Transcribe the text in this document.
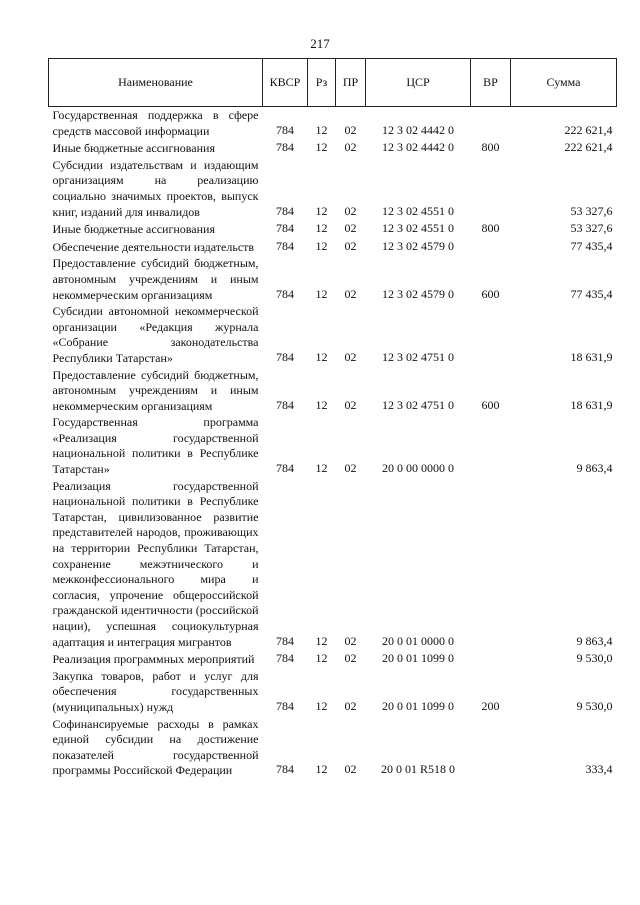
217
Наименование	КВСР	Рз	ПР	ЦСР	ВР	Сумма
Государственная поддержка в сфере средств массовой информации	784	12	02	12 3 02 4442 0		222 621,4
Иные бюджетные ассигнования	784	12	02	12 3 02 4442 0	800	222 621,4
Субсидии издательствам и издающим организациям на реализацию социально значимых проектов, выпуск книг, изданий для инвалидов	784	12	02	12 3 02 4551 0		53 327,6
Иные бюджетные ассигнования	784	12	02	12 3 02 4551 0	800	53 327,6
Обеспечение деятельности издательств	784	12	02	12 3 02 4579 0		77 435,4
Предоставление субсидий бюджетным, автономным учреждениям и иным некоммерческим организациям	784	12	02	12 3 02 4579 0	600	77 435,4
Субсидии автономной некоммерческой организации «Редакция журнала «Собрание законодательства Республики Татарстан»	784	12	02	12 3 02 4751 0		18 631,9
Предоставление субсидий бюджетным, автономным учреждениям и иным некоммерческим организациям	784	12	02	12 3 02 4751 0	600	18 631,9
Государственная программа «Реализация государственной национальной политики в Республике Татарстан»	784	12	02	20 0 00 0000 0		9 863,4
Реализация государственной национальной политики в Республике Татарстан, цивилизованное развитие представителей народов, проживающих на территории Республики Татарстан, сохранение межэтнического и межконфессионального мира и согласия, упрочение общероссийской гражданской идентичности (российской нации), успешная социокультурная адаптация и интеграция мигрантов	784	12	02	20 0 01 0000 0		9 863,4
Реализация программных мероприятий	784	12	02	20 0 01 1099 0		9 530,0
Закупка товаров, работ и услуг для обеспечения государственных (муниципальных) нужд	784	12	02	20 0 01 1099 0	200	9 530,0
Софинансируемые расходы в рамках единой субсидии на достижение показателей государственной программы Российской Федерации	784	12	02	20 0 01 R518 0		333,4
